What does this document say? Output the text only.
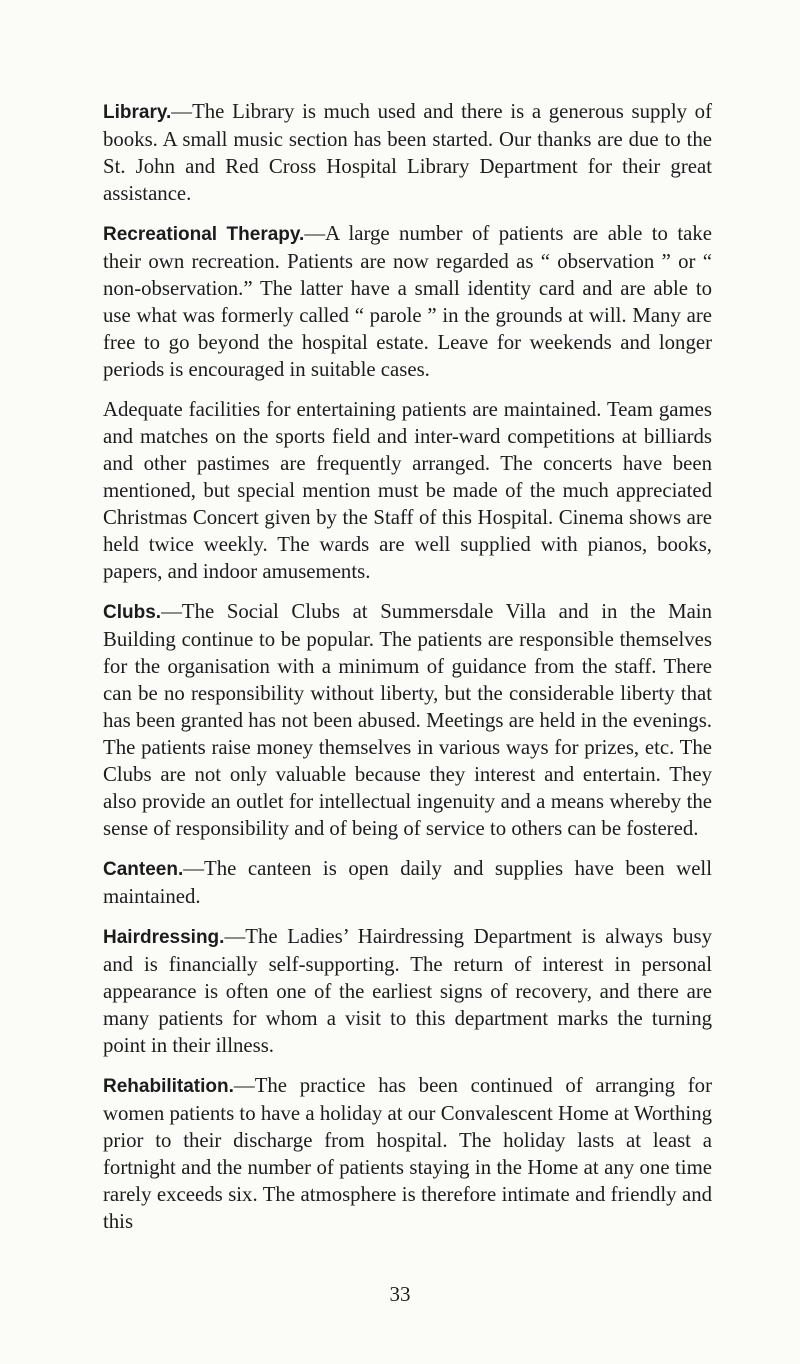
Library.—The Library is much used and there is a generous supply of books. A small music section has been started. Our thanks are due to the St. John and Red Cross Hospital Library Department for their great assistance.

Recreational Therapy.—A large number of patients are able to take their own recreation. Patients are now regarded as “ observation ” or “ non-observation.” The latter have a small identity card and are able to use what was formerly called “ parole ” in the grounds at will. Many are free to go beyond the hospital estate. Leave for weekends and longer periods is encouraged in suitable cases.

Adequate facilities for entertaining patients are maintained. Team games and matches on the sports field and inter-ward competitions at billiards and other pastimes are frequently arranged. The concerts have been mentioned, but special mention must be made of the much appreciated Christmas Concert given by the Staff of this Hospital. Cinema shows are held twice weekly. The wards are well supplied with pianos, books, papers, and indoor amusements.

Clubs.—The Social Clubs at Summersdale Villa and in the Main Building continue to be popular. The patients are responsible themselves for the organisation with a minimum of guidance from the staff. There can be no responsibility without liberty, but the considerable liberty that has been granted has not been abused. Meetings are held in the evenings. The patients raise money themselves in various ways for prizes, etc. The Clubs are not only valuable because they interest and entertain. They also provide an outlet for intellectual ingenuity and a means whereby the sense of responsibility and of being of service to others can be fostered.

Canteen.—The canteen is open daily and supplies have been well maintained.

Hairdressing.—The Ladies’ Hairdressing Department is always busy and is financially self-supporting. The return of interest in personal appearance is often one of the earliest signs of recovery, and there are many patients for whom a visit to this department marks the turning point in their illness.

Rehabilitation.—The practice has been continued of arranging for women patients to have a holiday at our Convalescent Home at Worthing prior to their discharge from hospital. The holiday lasts at least a fortnight and the number of patients staying in the Home at any one time rarely exceeds six. The atmosphere is therefore intimate and friendly and this

33
